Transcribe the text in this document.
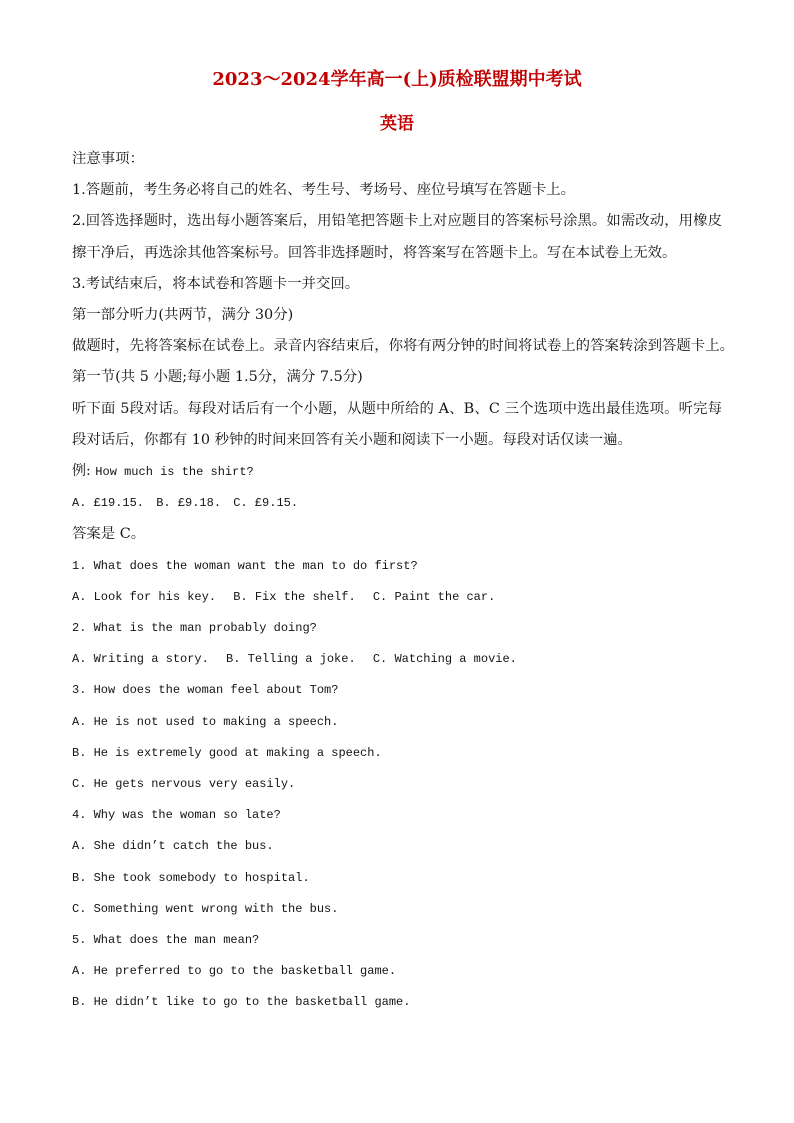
2023～2024学年高一(上)质检联盟期中考试
英语
注意事项：
1.答题前，考生务必将自己的姓名、考生号、考场号、座位号填写在答题卡上。
2.回答选择题时，选出每小题答案后，用铅笔把答题卡上对应题目的答案标号涂黑。如需改动，用橡皮擦干净后，再选涂其他答案标号。回答非选择题时，将答案写在答题卡上。写在本试卷上无效。
3.考试结束后，将本试卷和答题卡一并交回。
第一部分听力(共两节，满分 30分)
做题时，先将答案标在试卷上。录音内容结束后，你将有两分钟的时间将试卷上的答案转涂到答题卡上。
第一节(共 5 小题;每小题 1.5分，满分 7.5分)
听下面 5段对话。每段对话后有一个小题，从题中所给的 A、B、C 三个选项中选出最佳选项。听完每段对话后，你都有 10 秒钟的时间来回答有关小题和阅读下一小题。每段对话仅读一遍。
例: How much is the shirt?
A. £19.15. B. £9.18. C. £9.15.
答案是 C。
1. What does the woman want the man to do first?
A. Look for his key. B. Fix the shelf. C. Paint the car.
2. What is the man probably doing?
A. Writing a story. B. Telling a joke. C. Watching a movie.
3. How does the woman feel about Tom?
A. He is not used to making a speech.
B. He is extremely good at making a speech.
C. He gets nervous very easily.
4. Why was the woman so late?
A. She didn’t catch the bus.
B. She took somebody to hospital.
C. Something went wrong with the bus.
5. What does the man mean?
A. He preferred to go to the basketball game.
B. He didn’t like to go to the basketball game.
